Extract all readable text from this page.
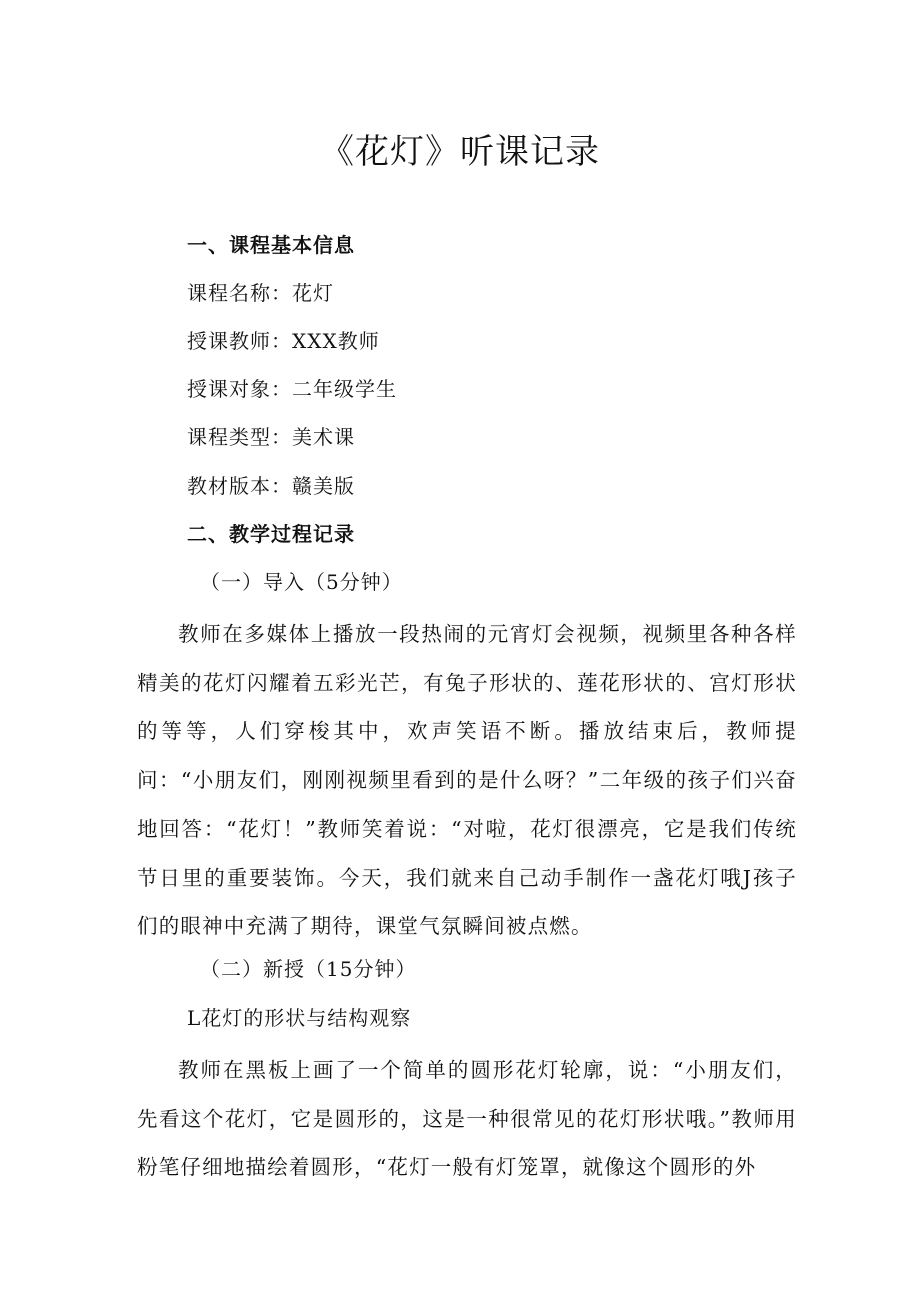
《花灯》听课记录
一、课程基本信息
课程名称：花灯
授课教师：XXX教师
授课对象：二年级学生
课程类型：美术课
教材版本：赣美版
二、教学过程记录
（一）导入（5分钟）

教师在多媒体上播放一段热闹的元宵灯会视频，视频里各种各样精美的花灯闪耀着五彩光芒，有兔子形状的、莲花形状的、宫灯形状的等等，人们穿梭其中，欢声笑语不断。播放结束后，教师提问：“小朋友们，刚刚视频里看到的是什么呀？”二年级的孩子们兴奋地回答：“花灯！”教师笑着说：“对啦，花灯很漂亮，它是我们传统节日里的重要装饰。今天，我们就来自己动手制作一盏花灯哦J孩子们的眼神中充满了期待，课堂气氛瞬间被点燃。

（二）新授（15分钟）
L花灯的形状与结构观察

教师在黑板上画了一个简单的圆形花灯轮廓，说：“小朋友们，先看这个花灯，它是圆形的，这是一种很常见的花灯形状哦。”教师用粉笔仔细地描绘着圆形，“花灯一般有灯笼罩，就像这个圆形的外
